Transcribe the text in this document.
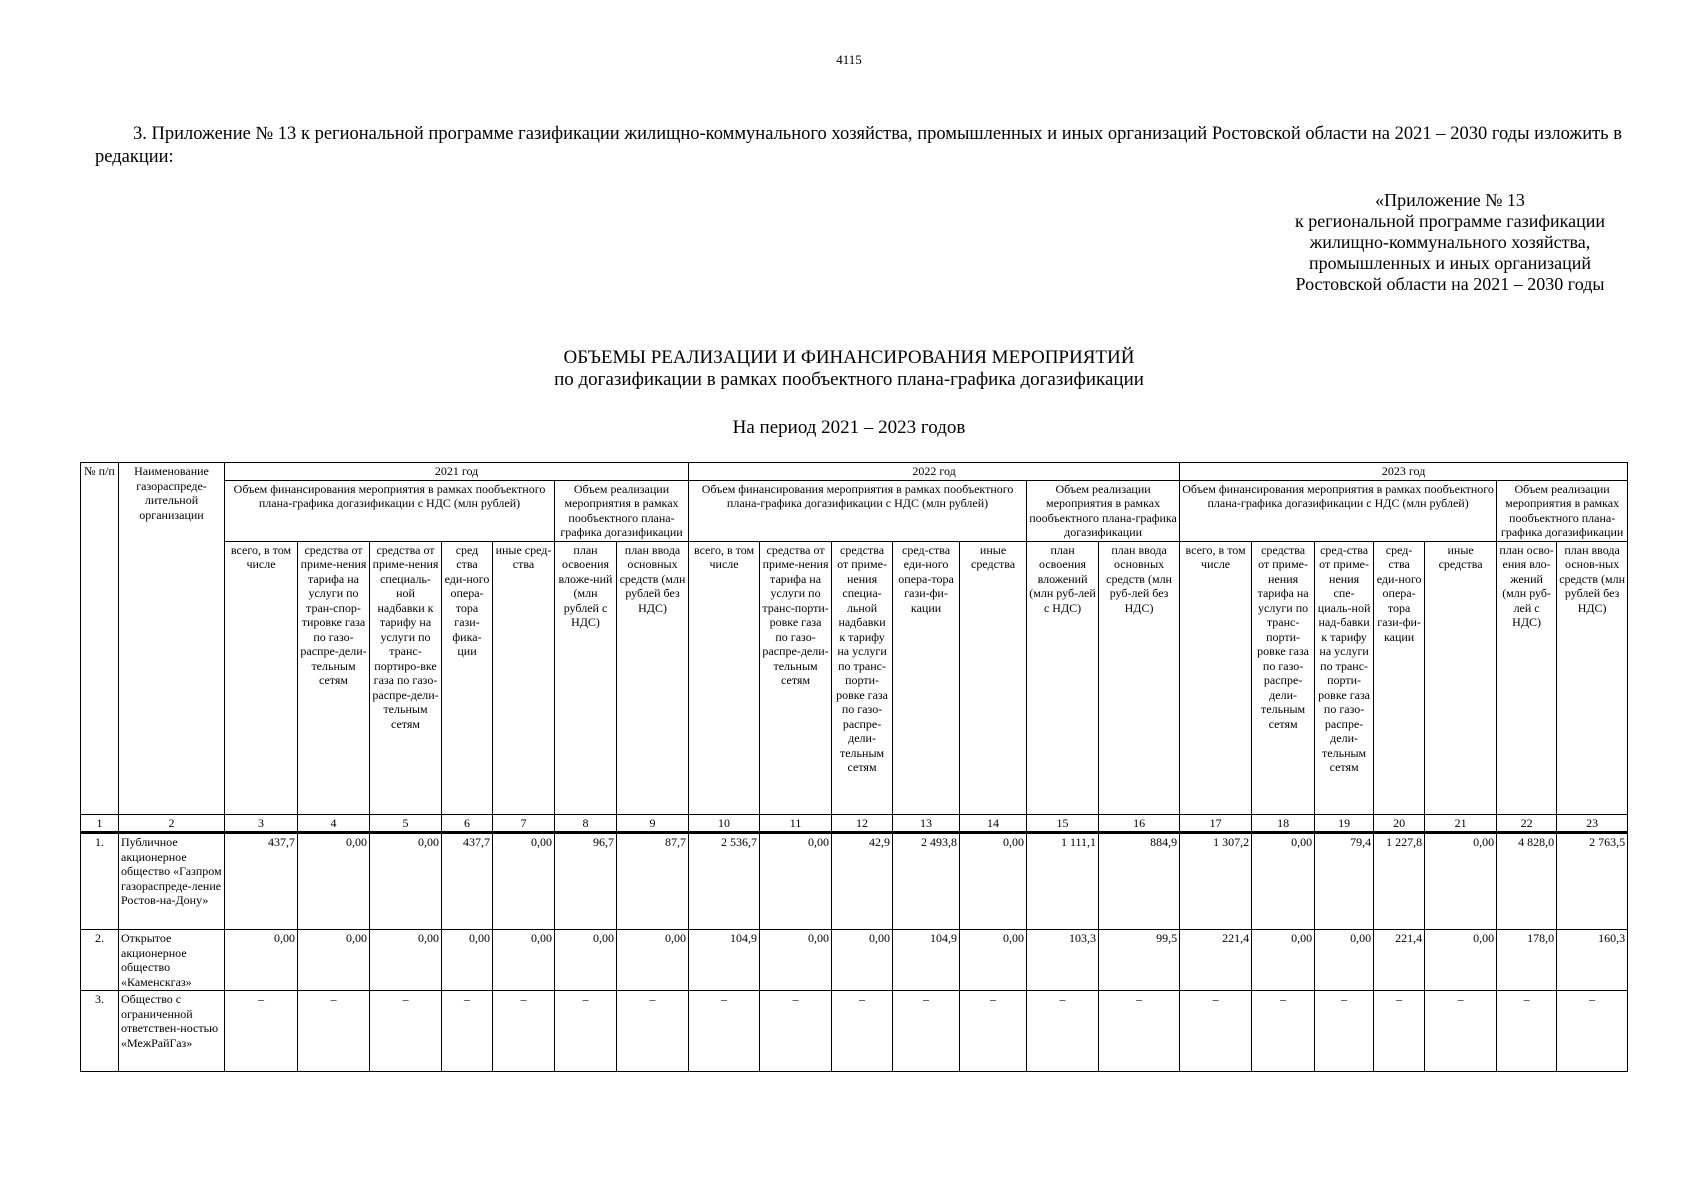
4115

3. Приложение № 13 к региональной программе газификации жилищно-коммунального хозяйства, промышленных и иных организаций Ростовской области на 2021 – 2030 годы изложить в редакции:

«Приложение № 13
к региональной программе газификации
жилищно-коммунального хозяйства,
промышленных и иных организаций
Ростовской области на 2021 – 2030 годы
ОБЪЕМЫ РЕАЛИЗАЦИИ И ФИНАНСИРОВАНИЯ МЕРОПРИЯТИЙ
по догазификации в рамках пообъектного плана-графика догазификации
На период 2021 – 2023 годов
№ п/п	Наименование газораспреде-лительной организации	2021 год							2022 год							2023 год						
		Объем финансирования мероприятия в рамках пообъектного плана-графика догазификации с НДС (млн рублей)					Объем реализации мероприятия в рамках пообъектного плана-графика догазификации		Объем финансирования мероприятия в рамках пообъектного плана-графика догазификации с НДС (млн рублей)					Объем реализации мероприятия в рамках пообъектного плана-графика догазификации		Объем финансирования мероприятия в рамках пообъектного плана-графика догазификации с НДС (млн рублей)					Объем реализации мероприятия в рамках пообъектного плана-графика догазификации	
		всего, в том числе	средства от приме-нения тарифа на услуги по тран-спор-тировке газа по газо-распре-дели-тельным сетям	средства от приме-нения специаль-ной надбавки к тарифу на услуги по транс-портиро-вке газа по газо-распре-дели-тельным сетям	сред ства еди-ного опера-тора гази-фика-ции	иные сред-ства	план освоения вложе-ний (млн рублей с НДС)	план ввода основных средств (млн рублей без НДС)	всего, в том числе	средства от приме-нения тарифа на услуги по транс-порти-ровке газа по газо-распре-дели-тельным сетям	средства от приме-нения специа-льной надбавки к тарифу на услуги по транс-порти-ровке газа по газо-распре-дели-тельным сетям	сред-ства еди-ного опера-тора гази-фи-кации	иные средства	план освоения вложений (млн руб-лей с НДС)	план ввода основных средств (млн руб-лей без НДС)	всего, в том числе	средства от приме-нения тарифа на услуги по транс-порти-ровке газа по газо-распре-дели-тельным сетям	сред-ства от приме-нения спе-циаль-ной над-бавки к тарифу на услуги по транс-порти-ровке газа по газо-распре-дели-тельным сетям	сред-ства еди-ного опера-тора гази-фи-кации	иные средства	план осво-ения вло-жений (млн руб-лей с НДС)	план ввода основ-ных средств (млн рублей без НДС)
1	2	3	4	5	6	7	8	9	10	11	12	13	14	15	16	17	18	19	20	21	22	23
1.	Публичное акционерное общество «Газпром газораспреде-ление Ростов-на-Дону»	437,7	0,00	0,00	437,7	0,00	96,7	87,7	2 536,7	0,00	42,9	2 493,8	0,00	1 111,1	884,9	1 307,2	0,00	79,4	1 227,8	0,00	4 828,0	2 763,5
2.	Открытое акционерное общество «Каменскгаз»	0,00	0,00	0,00	0,00	0,00	0,00	0,00	104,9	0,00	0,00	104,9	0,00	103,3	99,5	221,4	0,00	0,00	221,4	0,00	178,0	160,3
3.	Общество с ограниченной ответствен-ностью «МежРайГаз»	–	–	–	–	–	–	–	–	–	–	–	–	–	–	–	–	–	–	–	–	–
